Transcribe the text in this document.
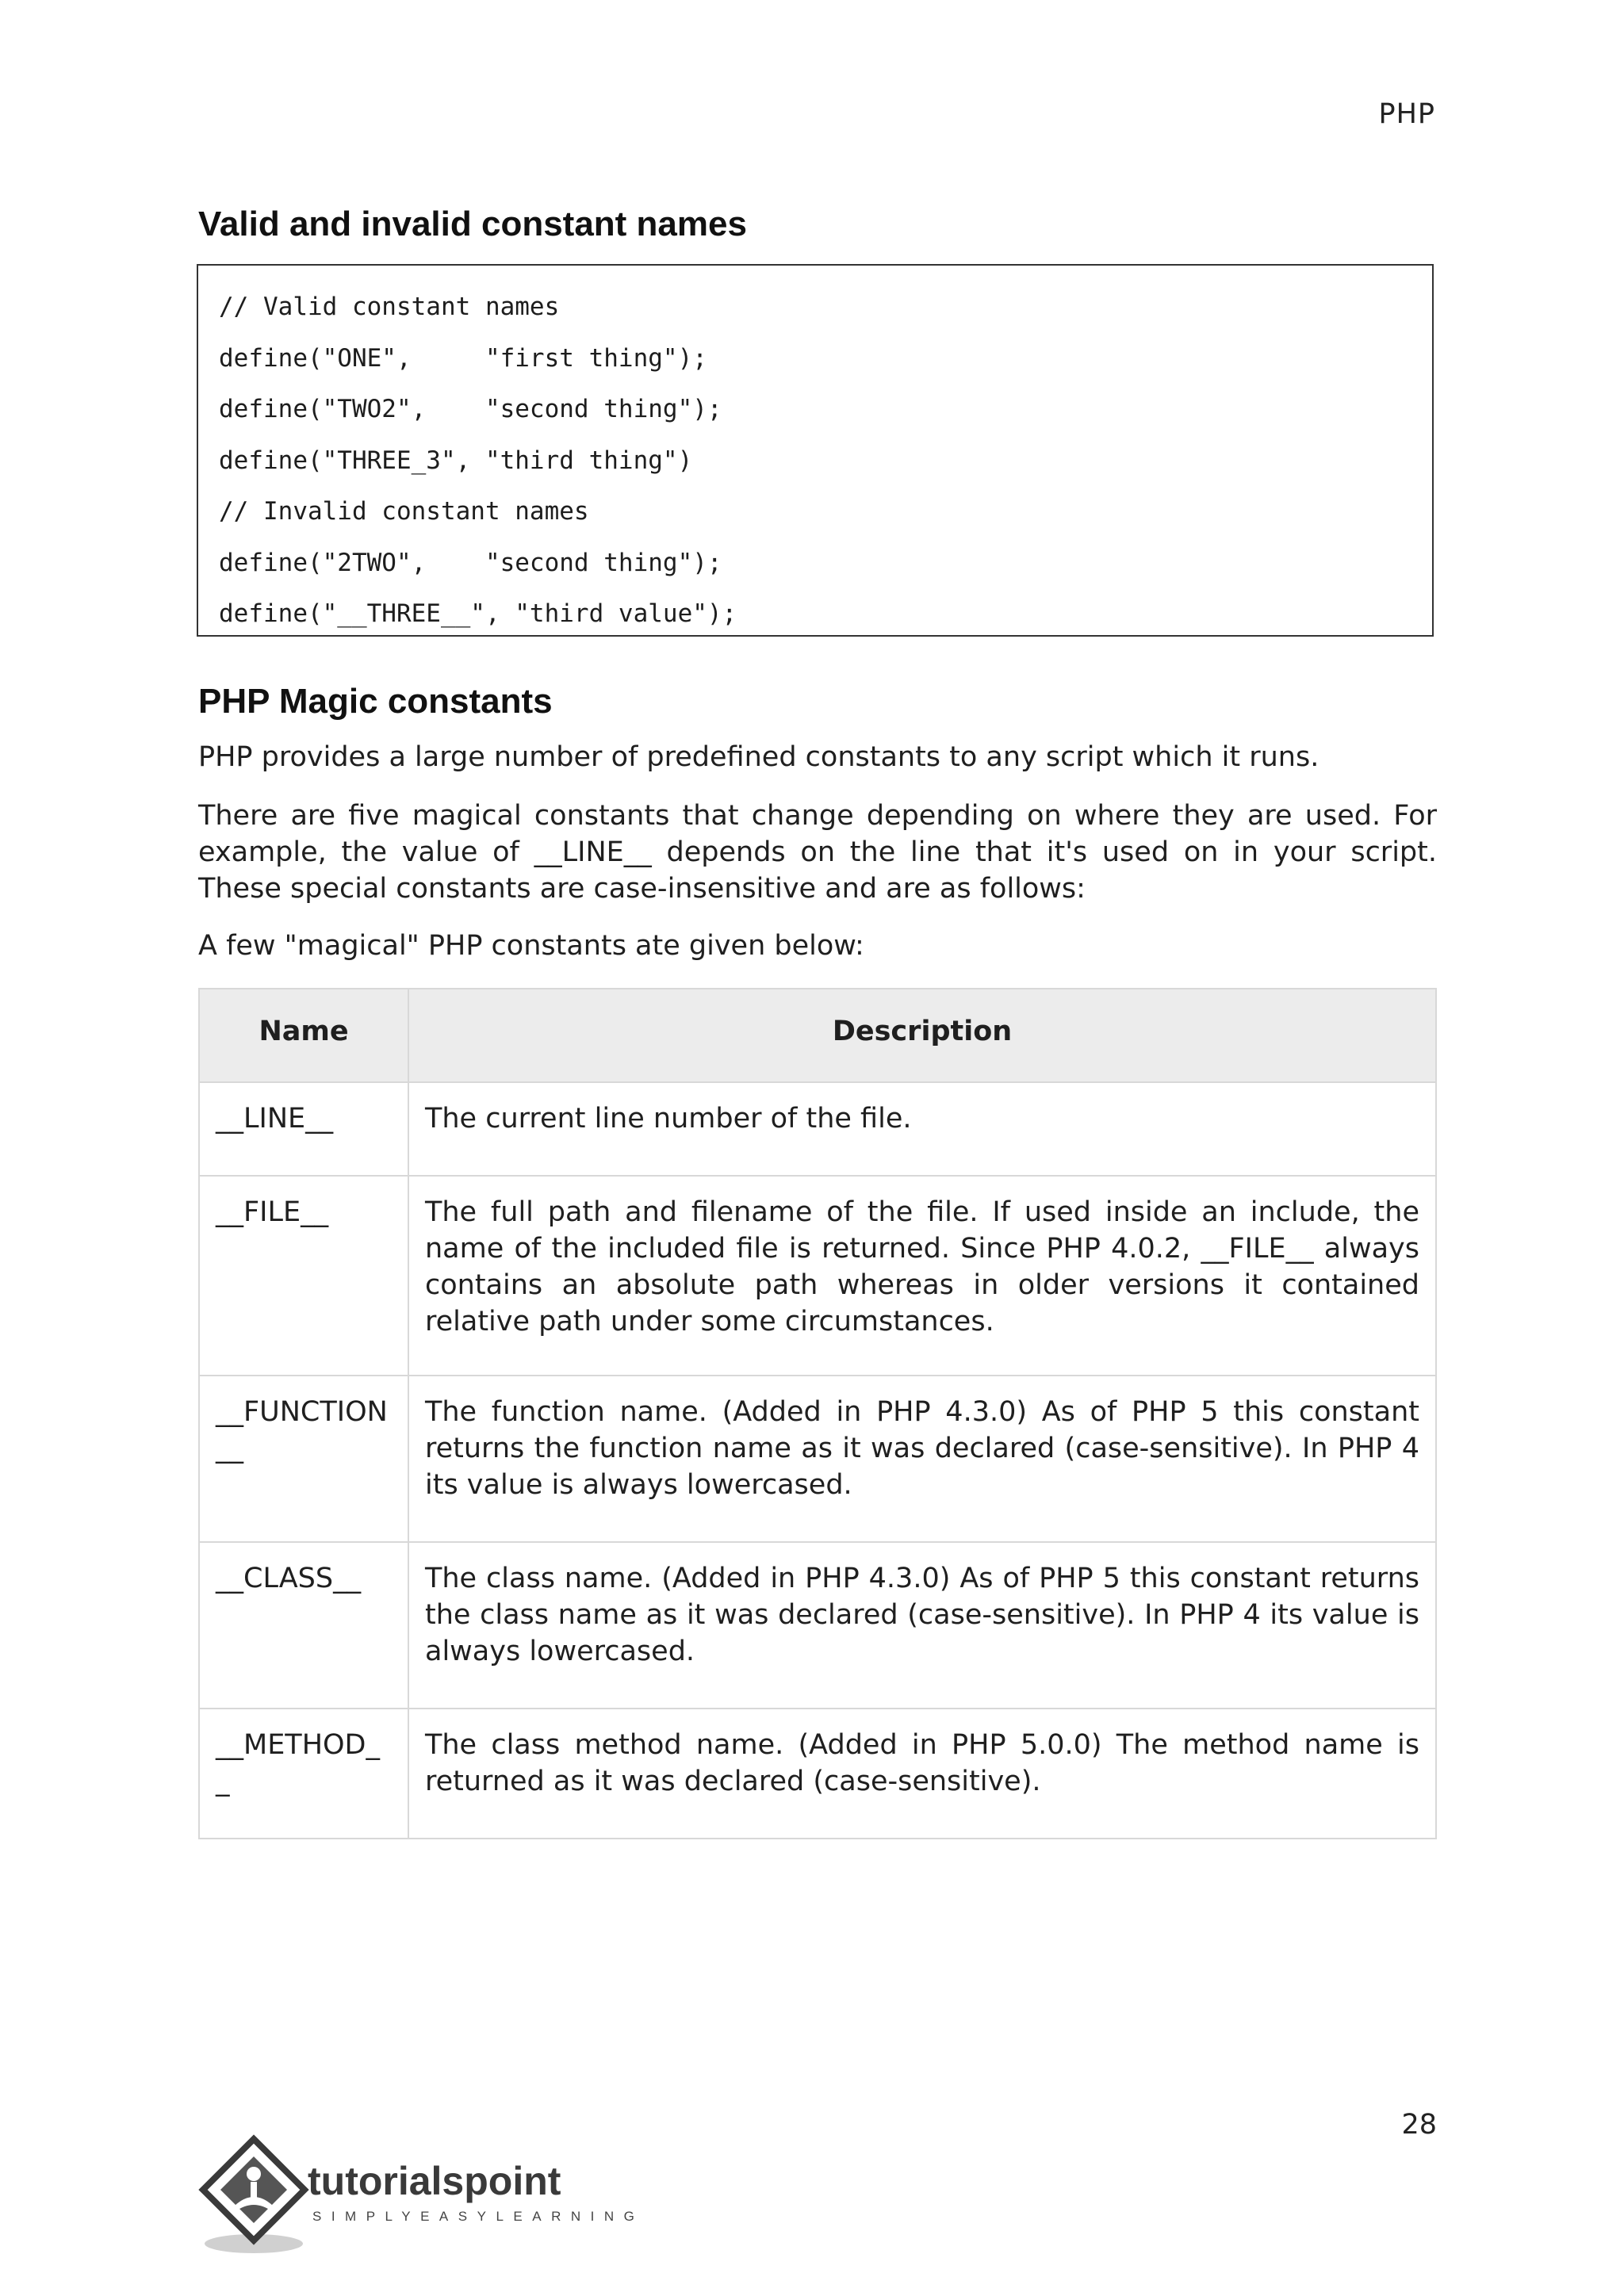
PHP
Valid and invalid constant names
// Valid constant names
define("ONE",     "first thing");
define("TWO2",    "second thing");
define("THREE_3", "third thing")
// Invalid constant names
define("2TWO",    "second thing");
define("__THREE__", "third value");
PHP Magic constants

PHP provides a large number of predefined constants to any script which it runs.

There are five magical constants that change depending on where they are used. For example, the value of __LINE__ depends on the line that it's used on in your script. These special constants are case-insensitive and are as follows:

A few "magical" PHP constants ate given below:

Name	Description
__LINE__	The current line number of the file.
__FILE__	The full path and filename of the file. If used inside an include, the name of the included file is returned. Since PHP 4.0.2, __FILE__ always contains an absolute path whereas in older versions it contained relative path under some circumstances.
__FUNCTION__	The function name. (Added in PHP 4.3.0) As of PHP 5 this constant returns the function name as it was declared (case-sensitive). In PHP 4 its value is always lowercased.
__CLASS__	The class name. (Added in PHP 4.3.0) As of PHP 5 this constant returns the class name as it was declared (case-sensitive). In PHP 4 its value is always lowercased.
__METHOD__	The class method name. (Added in PHP 5.0.0) The method name is returned as it was declared (case-sensitive).
28
tutorialspoint
SIMPLYEASYLEARNING
